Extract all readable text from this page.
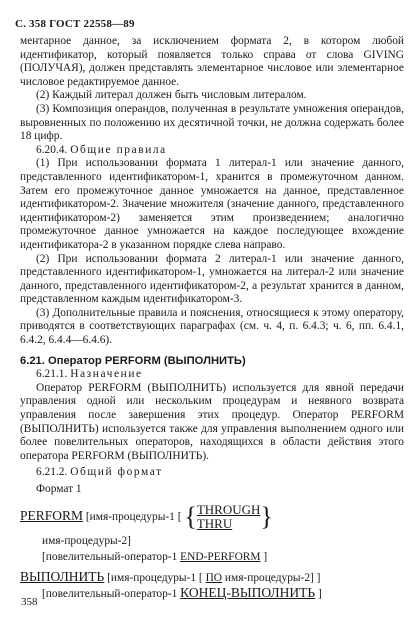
С. 358 ГОСТ 22558—89

ментарное данное, за исключением формата 2, в котором любой идентификатор, который появляется только справа от слова GIVING (ПОЛУЧАЯ), должен представлять элементарное числовое или элементарное числовое редактируемое данное.

(2) Каждый литерал должен быть числовым литералом.

(3) Композиция операндов, полученная в результате умножения операндов, выровненных по положению их десятичной точки, не должна содержать более 18 цифр.

6.20.4. Общие правила

(1) При использовании формата 1 литерал-1 или значение данного, представленного идентификатором-1, хранится в промежуточном данном. Затем его промежуточное данное умножается на данное, представленное идентификатором-2. Значение множителя (значение данного, представленного идентификатором-2) заменяется этим произведением; аналогично промежуточное данное умножается на каждое последующее вхождение идентификатора-2 в указанном порядке слева направо.

(2) При использовании формата 2 литерал-1 или значение данного, представленного идентификатором-1, умножается на литерал-2 или значение данного, представленного идентификатором-2, а результат хранится в данном, представленном каждым идентификатором-3.

(3) Дополнительные правила и пояснения, относящиеся к этому оператору, приводятся в соответствующих параграфах (см. ч. 4, п. 6.4.3; ч. 6, пп. 6.4.1, 6.4.2, 6.4.4—6.4.6).

6.21. Оператор PERFORM (ВЫПОЛНИТЬ)

6.21.1. Назначение

Оператор PERFORM (ВЫПОЛНИТЬ) используется для явной передачи управления одной или нескольким процедурам и неявного возврата управления после завершения этих процедур. Оператор PERFORM (ВЫПОЛНИТЬ) используется также для управления выполнением одного или более повелительных операторов, находящихся в области действия этого оператора PERFORM (ВЫПОЛНИТЬ).

6.21.2. Общий формат

Формат 1

PERFORM [имя-процедуры-1 [ { THROUGH
THRU	}
имя-процедуры-2]
[повелительный-оператор-1 END-PERFORM ]
ВЫПОЛНИТЬ [имя-процедуры-1 [ ПО имя-процедуры-2] ]
[повелительный-оператор-1 КОНЕЦ-ВЫПОЛНИТЬ ]
358
